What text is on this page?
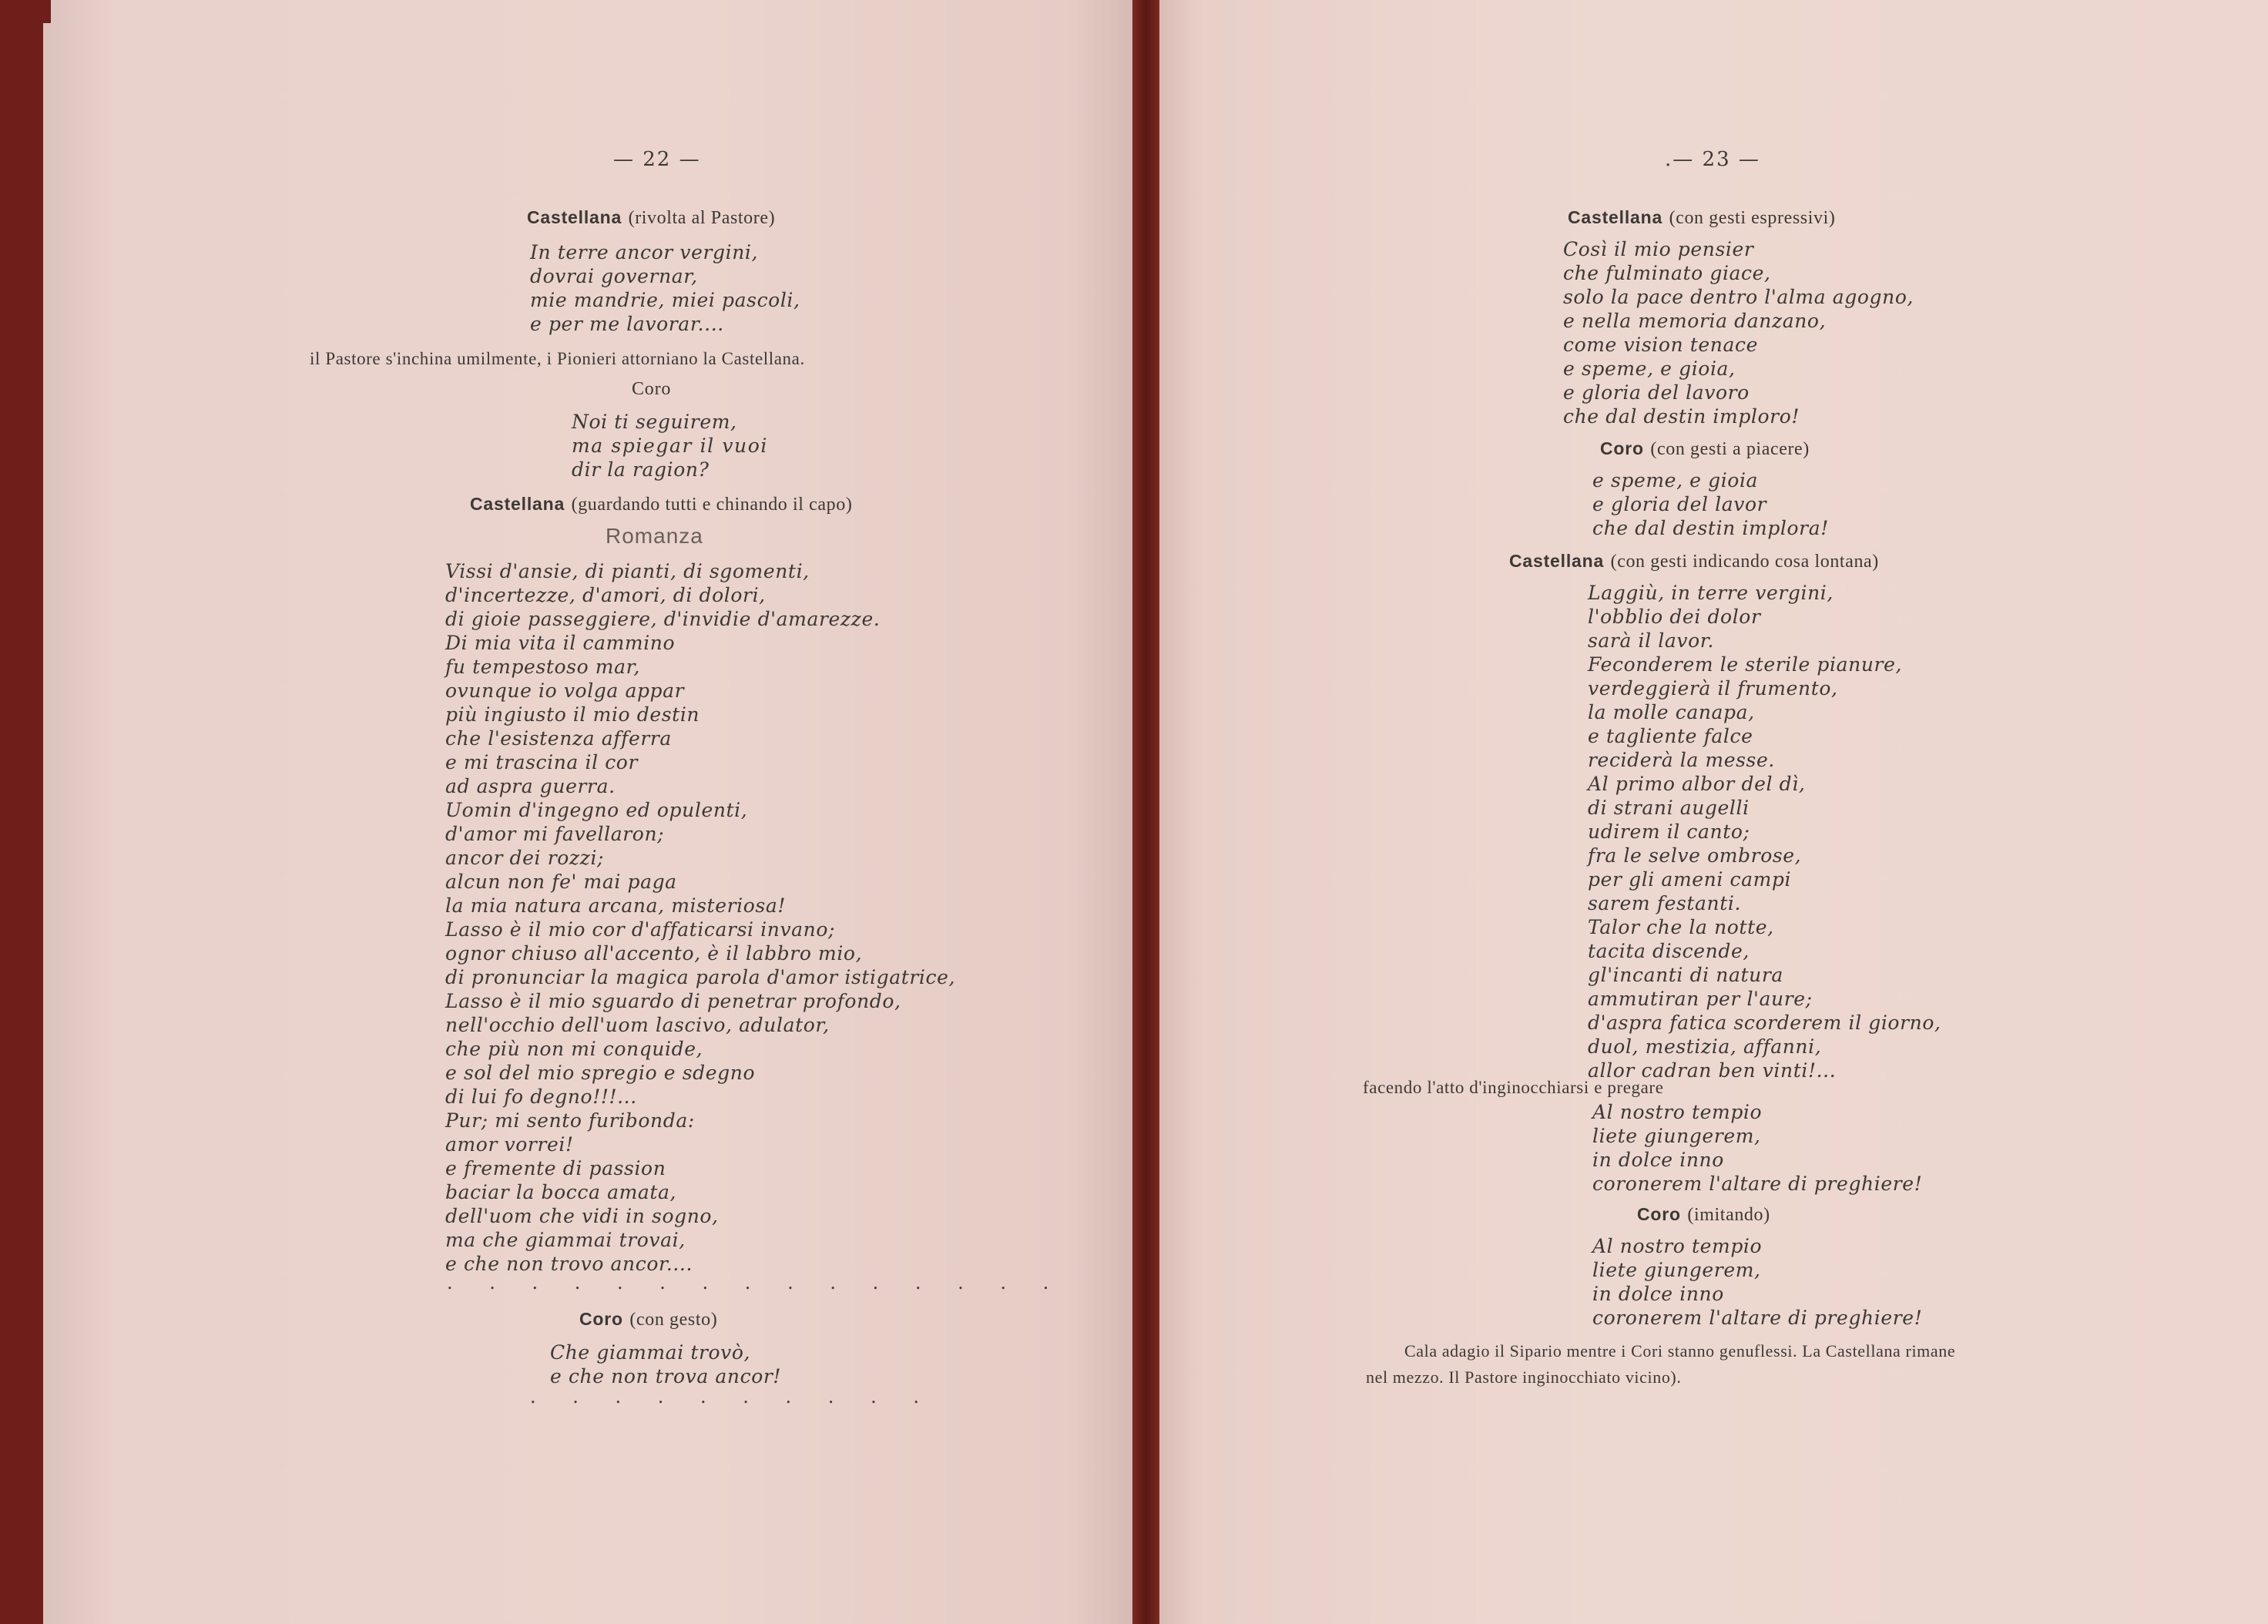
— 22 —

Castellana (rivolta al Pastore)

In terre ancor vergini,

dovrai governar,

mie mandrie, miei pascoli,

e per me lavorar....

il Pastore s'inchina umilmente, i Pionieri attorniano la Castellana.

Coro

Noi ti seguirem,

ma spiegar il vuoi

dir la ragion?

Castellana (guardando tutti e chinando il capo)

Romanza

Vissi d'ansie, di pianti, di sgomenti,

d'incertezze, d'amori, di dolori,

di gioie passeggiere, d'invidie d'amarezze.

Di mia vita il cammino

fu tempestoso mar,

ovunque io volga appar

più ingiusto il mio destin

che l'esistenza afferra

e mi trascina il cor

ad aspra guerra.

Uomin d'ingegno ed opulenti,

d'amor mi favellaron;

ancor dei rozzi;

alcun non fe' mai paga

la mia natura arcana, misteriosa!

Lasso è il mio cor d'affaticarsi invano;

ognor chiuso all'accento, è il labbro mio,

di pronunciar la magica parola d'amor istigatrice,

Lasso è il mio sguardo di penetrar profondo,

nell'occhio dell'uom lascivo, adulator,

che più non mi conquide,

e sol del mio spregio e sdegno

di lui fo degno!!!...

Pur; mi sento furibonda:

amor vorrei!

e fremente di passion

baciar la bocca amata,

dell'uom che vidi in sogno,

ma che giammai trovai,

e che non trovo ancor....

. . . . . . . . . . . . . . .

Coro (con gesto)

Che giammai trovò,

e che non trova ancor!

. . . . . . . . . .

.— 23 —

Castellana (con gesti espressivi)

Così il mio pensier

che fulminato giace,

solo la pace dentro l'alma agogno,

e nella memoria danzano,

come vision tenace

e speme, e gioia,

e gloria del lavoro

che dal destin imploro!

Coro (con gesti a piacere)

e speme, e gioia

e gloria del lavor

che dal destin implora!

Castellana (con gesti indicando cosa lontana)

Laggiù, in terre vergini,

l'obblio dei dolor

sarà il lavor.

Feconderem le sterile pianure,

verdeggierà il frumento,

la molle canapa,

e tagliente falce

reciderà la messe.

Al primo albor del dì,

di strani augelli

udirem il canto;

fra le selve ombrose,

per gli ameni campi

sarem festanti.

Talor che la notte,

tacita discende,

gl'incanti di natura

ammutiran per l'aure;

d'aspra fatica scorderem il giorno,

duol, mestizia, affanni,

allor cadran ben vinti!...

facendo l'atto d'inginocchiarsi e pregare

Al nostro tempio

liete giungerem,

in dolce inno

coronerem l'altare di preghiere!

Coro (imitando)

Al nostro tempio

liete giungerem,

in dolce inno

coronerem l'altare di preghiere!

Cala adagio il Sipario mentre i Cori stanno genuflessi. La Castellana rimane

nel mezzo. Il Pastore inginocchiato vicino).
